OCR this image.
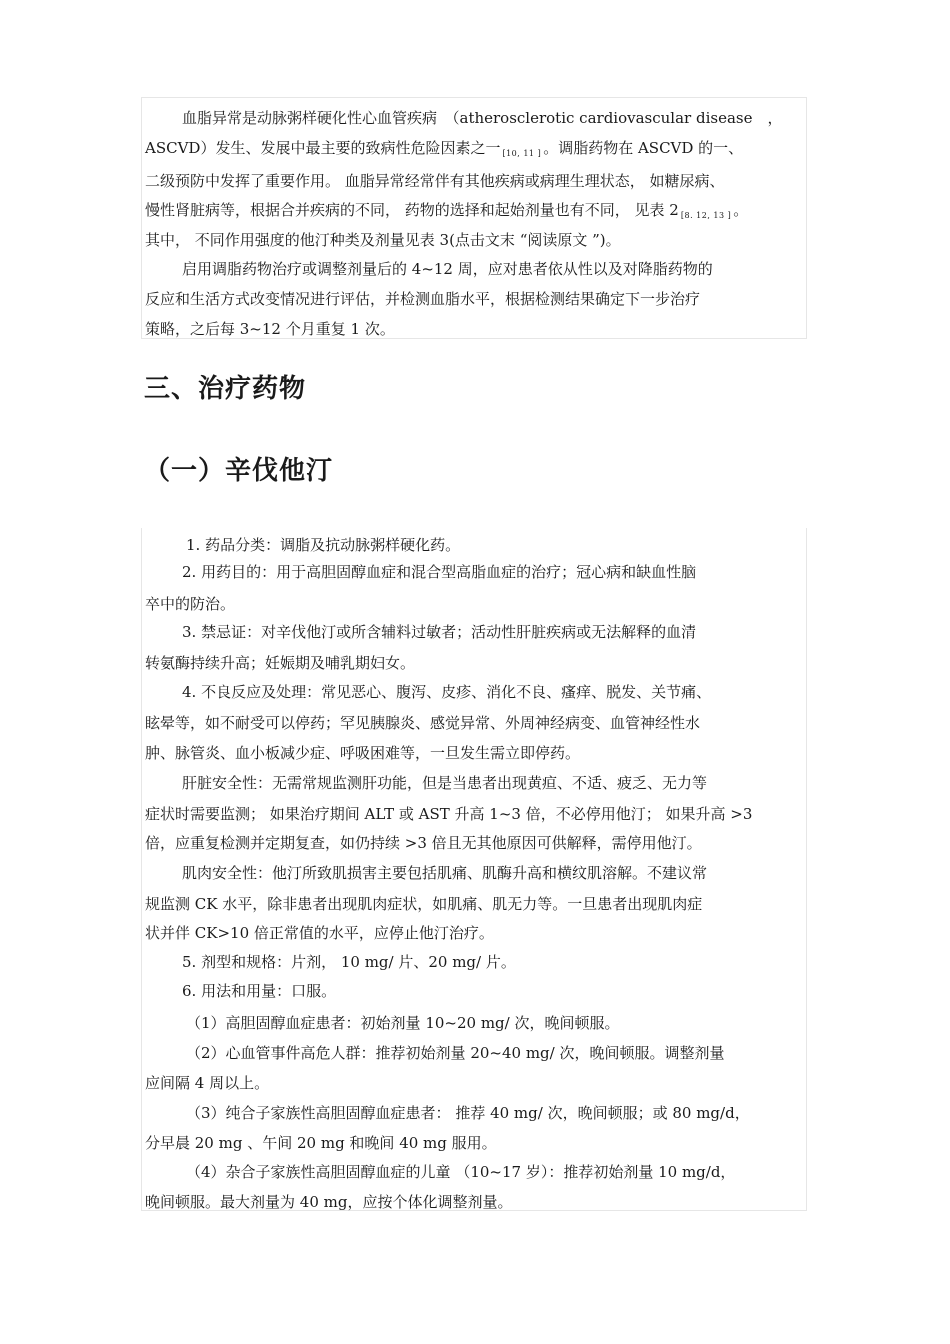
血脂异常是动脉粥样硬化性心血管疾病　（atherosclerotic cardiovascular disease　，
ASCVD）发生、发展中最主要的致病性危险因素之一 $_{[10, 11 ]}$ 。调脂药物在 ASCVD 的一、
二级预防中发挥了重要作用。 血脂异常经常伴有其他疾病或病理生理状态， 如糖尿病、
慢性肾脏病等，根据合并疾病的不同， 药物的选择和起始剂量也有不同， 见表 2 $_{[8. 12, 13 ]}$ 。
其中， 不同作用强度的他汀种类及剂量见表 3(点击文末 “阅读原文 ”)。
启用调脂药物治疗或调整剂量后的 4~12 周，应对患者依从性以及对降脂药物的
反应和生活方式改变情况进行评估，并检测血脂水平，根据检测结果确定下一步治疗
策略，之后每 3~12 个月重复 1 次。
三、治疗药物
（一）辛伐他汀
1. 药品分类：调脂及抗动脉粥样硬化药。
2. 用药目的：用于高胆固醇血症和混合型高脂血症的治疗；冠心病和缺血性脑
卒中的防治。
3. 禁忌证：对辛伐他汀或所含辅料过敏者；活动性肝脏疾病或无法解释的血清
转氨酶持续升高；妊娠期及哺乳期妇女。
4. 不良反应及处理：常见恶心、腹泻、皮疹、消化不良、瘙痒、脱发、关节痛、
眩晕等，如不耐受可以停药；罕见胰腺炎、感觉异常、外周神经病变、血管神经性水
肿、脉管炎、血小板减少症、呼吸困难等，一旦发生需立即停药。
肝脏安全性：无需常规监测肝功能，但是当患者出现黄疸、不适、疲乏、无力等
症状时需要监测； 如果治疗期间 ALT 或 AST 升高 1~3 倍，不必停用他汀； 如果升高 >3
倍，应重复检测并定期复查，如仍持续 >3 倍且无其他原因可供解释，需停用他汀。
肌肉安全性：他汀所致肌损害主要包括肌痛、肌酶升高和横纹肌溶解。不建议常
规监测 CK 水平，除非患者出现肌肉症状，如肌痛、肌无力等。一旦患者出现肌肉症
状并伴 CK>10 倍正常值的水平，应停止他汀治疗。
5. 剂型和规格：片剂， 10 mg/ 片、20 mg/ 片。
6. 用法和用量：口服。
（1）高胆固醇血症患者：初始剂量 10~20 mg/ 次，晚间顿服。
（2）心血管事件高危人群：推荐初始剂量 20~40 mg/ 次，晚间顿服。调整剂量
应间隔 4 周以上。
（3）纯合子家族性高胆固醇血症患者： 推荐 40 mg/ 次，晚间顿服；或 80 mg/d，
分早晨 20 mg 、午间 20 mg 和晚间 40 mg 服用。
（4）杂合子家族性高胆固醇血症的儿童 （10~17 岁）：推荐初始剂量 10 mg/d，
晚间顿服。最大剂量为 40 mg，应按个体化调整剂量。
